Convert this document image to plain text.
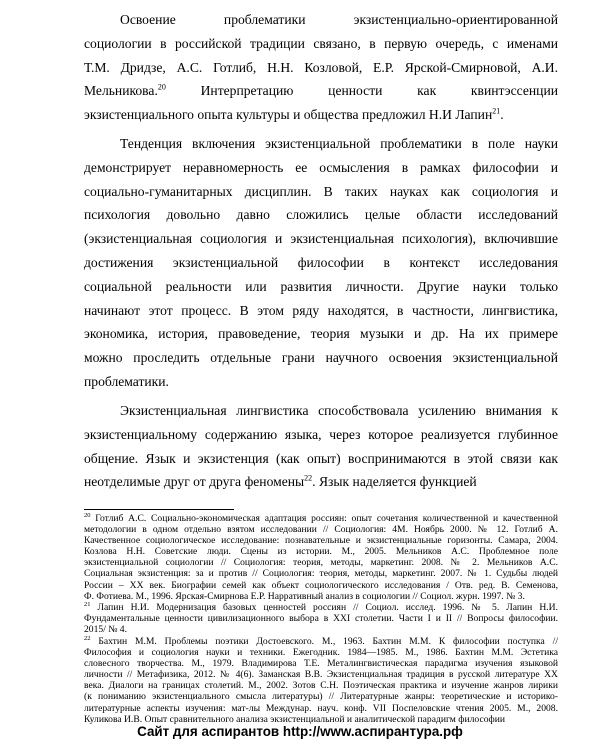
Освоение проблематики экзистенциально-ориентированной
социологии в российской традиции связано, в первую очередь, с именами
Т.М. Дридзе, А.С. Готлиб, Н.Н. Козловой, Е.Р. Ярской-Смирновой, А.И.
Мельникова.$^{20}$ Интерпретацию ценности как квинтэссенции
экзистенциального опыта культуры и общества предложил Н.И Лапин$^{21}$.
Тенденция включения экзистенциальной проблематики в поле науки
демонстрирует неравномерность ее осмысления в рамках философии и
социально-гуманитарных дисциплин. В таких науках как социология и
психология довольно давно сложились целые области исследований
(экзистенциальная социология и экзистенциальная психология), включившие
достижения экзистенциальной философии в контекст исследования
социальной реальности или развития личности. Другие науки только
начинают этот процесс. В этом ряду находятся, в частности, лингвистика,
экономика, история, правоведение, теория музыки и др. На их примере
можно проследить отдельные грани научного освоения экзистенциальной
проблематики.
Экзистенциальная лингвистика способствовала усилению внимания к
экзистенциальному содержанию языка, через которое реализуется глубинное
общение. Язык и экзистенция (как опыт) воспринимаются в этой связи как
неотделимые друг от друга феномены$^{22}$. Язык наделяется функцией
$^{20}$ Готлиб А.С. Социально-экономическая адаптация россиян: опыт сочетания количественной и качественной
методологии в одном отдельно взятом исследовании // Социология: 4М. Ноябрь 2000. № 12. Готлиб А.
Качественное социологическое исследование: познавательные и экзистенциальные горизонты. Самара, 2004.
Козлова Н.Н. Советские люди. Сцены из истории. М., 2005. Мельников А.С. Проблемное поле
экзистенциальной социологии // Социология: теория, методы, маркетинг. 2008. № 2. Мельников А.С.
Социальная экзистенция: за и против // Социология: теория, методы, маркетинг. 2007. № 1. Судьбы людей
России – XX век. Биографии семей как объект социологического исследования / Отв. ред. В. Семенова,
Ф. Фотиева. М., 1996. Ярская-Смирнова Е.Р. Нарративный анализ в социологии // Социол. журн. 1997. № 3.
$^{21}$ Лапин Н.И. Модернизация базовых ценностей россиян // Социол. исслед. 1996. № 5. Лапин Н.И.
Фундаментальные ценности цивилизационного выбора в XXI столетии. Части I и II // Вопросы философии.
2015/ № 4.
$^{22}$ Бахтин М.М. Проблемы поэтики Достоевского. М., 1963. Бахтин М.М. К философии поступка //
Философия и социология науки и техники. Ежегодник. 1984—1985. М., 1986. Бахтин М.М. Эстетика
словесного творчества. М., 1979. Владимирова Т.Е. Металингвистическая парадигма изучения языковой
личности // Метафизика, 2012. № 4(6). Заманская В.В. Экзистенциальная традиция в русской литературе XX
века. Диалоги на границах столетий. М., 2002. Зотов С.Н. Поэтическая практика и изучение жанров лирики
(к пониманию экзистенциального смысла литературы) // Литературные жанры: теоретические и историко-
литературные аспекты изучения: мат-лы Междунар. науч. конф. VII Поспеловские чтения 2005. М., 2008.
Куликова И.В. Опыт сравнительного анализа экзистенциальной и аналитической парадигм философии
Сайт для аспирантов http://www.аспирантура.рф
